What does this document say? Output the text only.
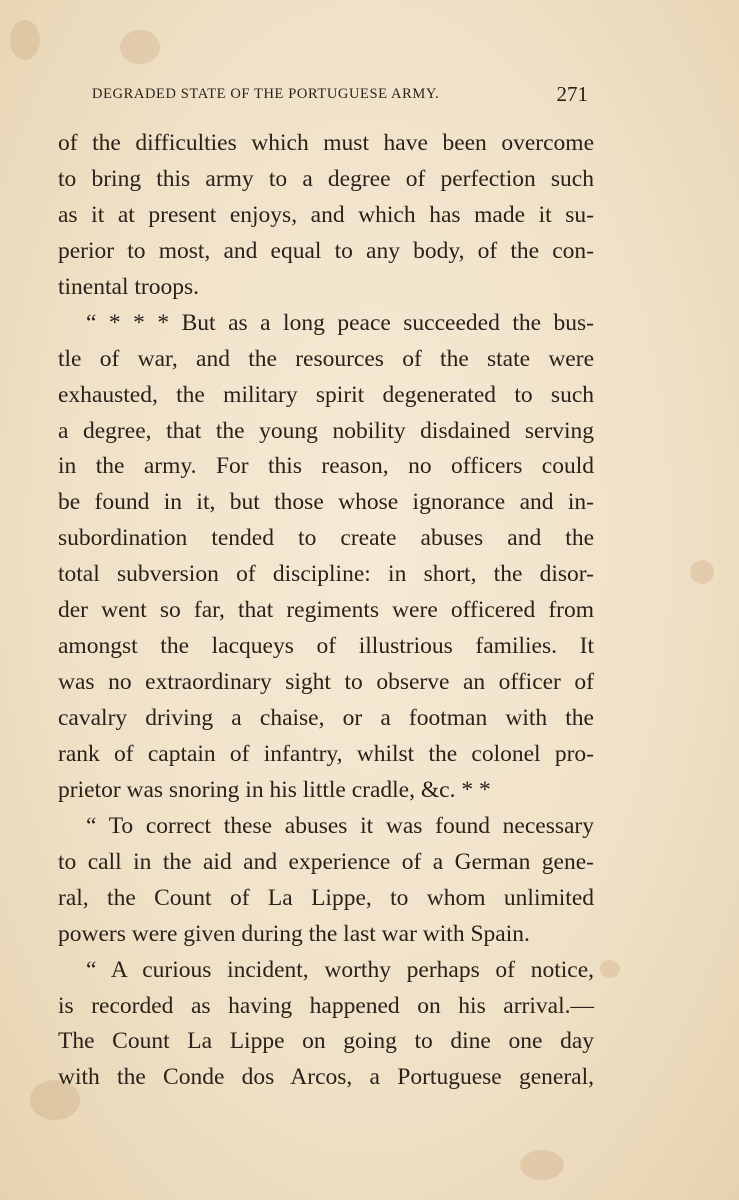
DEGRADED STATE OF THE PORTUGUESE ARMY.	271
of the difficulties which must have been overcome
to bring this army to a degree of perfection such
as it at present enjoys, and which has made it su-
perior to most, and equal to any body, of the con-
tinental troops.
“ * * * But as a long peace succeeded the bus-
tle of war, and the resources of the state were
exhausted, the military spirit degenerated to such
a degree, that the young nobility disdained serving
in the army. For this reason, no officers could
be found in it, but those whose ignorance and in-
subordination tended to create abuses and the
total subversion of discipline: in short, the disor-
der went so far, that regiments were officered from
amongst the lacqueys of illustrious families. It
was no extraordinary sight to observe an officer of
cavalry driving a chaise, or a footman with the
rank of captain of infantry, whilst the colonel pro-
prietor was snoring in his little cradle, &c. * *
“ To correct these abuses it was found necessary
to call in the aid and experience of a German gene-
ral, the Count of La Lippe, to whom unlimited
powers were given during the last war with Spain.
“ A curious incident, worthy perhaps of notice,
is recorded as having happened on his arrival.—
The Count La Lippe on going to dine one day
with the Conde dos Arcos, a Portuguese general,
